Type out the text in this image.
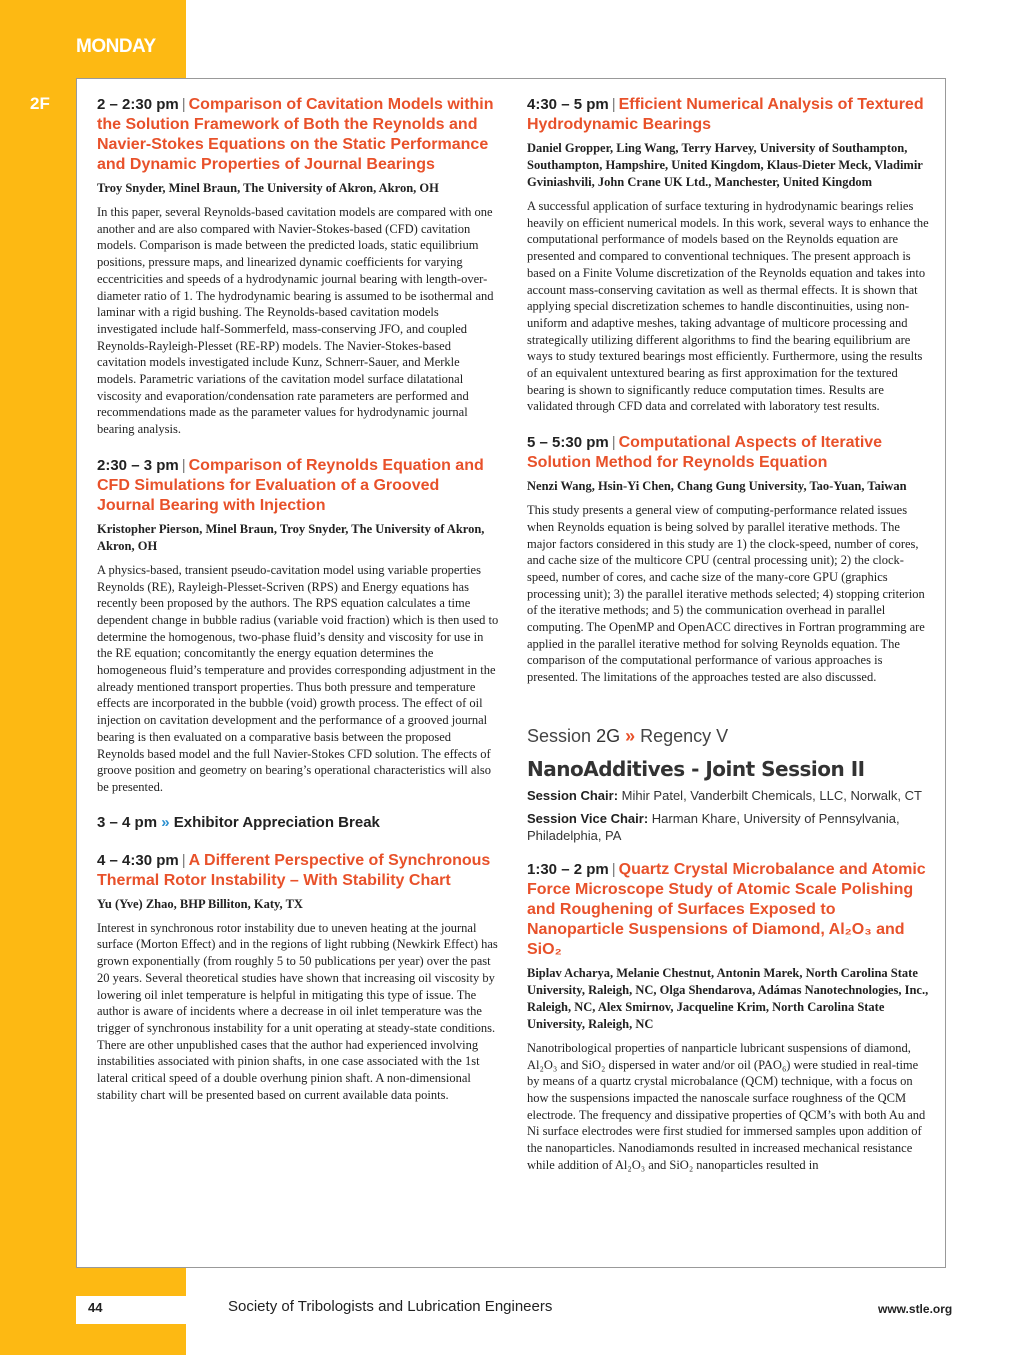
MONDAY
2F	2 – 2:30 pm | Comparison of Cavitation Models within the Solution Framework of Both the Reynolds and Navier-Stokes Equations on the Static Performance and Dynamic Properties of Journal Bearings
Troy Snyder, Minel Braun, The University of Akron, Akron, OH
In this paper, several Reynolds-based cavitation models are compared with one another and are also compared with Navier-Stokes-based (CFD) cavitation models. Comparison is made between the predicted loads, static equilibrium positions, pressure maps, and linearized dynamic coefficients for varying eccentricities and speeds of a hydrodynamic journal bearing with length-over-diameter ratio of 1. The hydrodynamic bearing is assumed to be isothermal and laminar with a rigid bushing. The Reynolds-based cavitation models investigated include half-Sommerfeld, mass-conserving JFO, and coupled Reynolds-Rayleigh-Plesset (RE-RP) models. The Navier-Stokes-based cavitation models investigated include Kunz, Schnerr-Sauer, and Merkle models. Parametric variations of the cavitation model surface dilatational viscosity and evaporation/condensation rate parameters are performed and recommendations made as the parameter values for hydrodynamic journal bearing analysis.
2:30 – 3 pm | Comparison of Reynolds Equation and CFD Simulations for Evaluation of a Grooved Journal Bearing with Injection
Kristopher Pierson, Minel Braun, Troy Snyder, The University of Akron, Akron, OH
A physics-based, transient pseudo-cavitation model using variable properties Reynolds (RE), Rayleigh-Plesset-Scriven (RPS) and Energy equations has recently been proposed by the authors. The RPS equation calculates a time dependent change in bubble radius (variable void fraction) which is then used to determine the homogenous, two-phase fluid’s density and viscosity for use in the RE equation; concomitantly the energy equation determines the homogeneous fluid’s temperature and provides corresponding adjustment in the already mentioned transport properties. Thus both pressure and temperature effects are incorporated in the bubble (void) growth process. The effect of oil injection on cavitation development and the performance of a grooved journal bearing is then evaluated on a comparative basis between the proposed Reynolds based model and the full Navier-Stokes CFD solution. The effects of groove position and geometry on bearing’s operational characteristics will also be presented.
3 – 4 pm » Exhibitor Appreciation Break
4 – 4:30 pm | A Different Perspective of Synchronous Thermal Rotor Instability – With Stability Chart
Yu (Yve) Zhao, BHP Billiton, Katy, TX
Interest in synchronous rotor instability due to uneven heating at the journal surface (Morton Effect) and in the regions of light rubbing (Newkirk Effect) has grown exponentially (from roughly 5 to 50 publications per year) over the past 20 years. Several theoretical studies have shown that increasing oil viscosity by lowering oil inlet temperature is helpful in mitigating this type of issue. The author is aware of incidents where a decrease in oil inlet temperature was the trigger of synchronous instability for a unit operating at steady-state conditions. There are other unpublished cases that the author had experienced involving instabilities associated with pinion shafts, in one case associated with the 1st lateral critical speed of a double overhung pinion shaft. A non-dimensional stability chart will be presented based on current available data points.
4:30 – 5 pm | Efficient Numerical Analysis of Textured Hydrodynamic Bearings
Daniel Gropper, Ling Wang, Terry Harvey, University of Southampton, Southampton, Hampshire, United Kingdom, Klaus-Dieter Meck, Vladimir Gviniashvili, John Crane UK Ltd., Manchester, United Kingdom
A successful application of surface texturing in hydrodynamic bearings relies heavily on efficient numerical models. In this work, several ways to enhance the computational performance of models based on the Reynolds equation are presented and compared to conventional techniques. The present approach is based on a Finite Volume discretization of the Reynolds equation and takes into account mass-conserving cavitation as well as thermal effects. It is shown that applying special discretization schemes to handle discontinuities, using non-uniform and adaptive meshes, taking advantage of multicore processing and strategically utilizing different algorithms to find the bearing equilibrium are ways to study textured bearings most efficiently. Furthermore, using the results of an equivalent untextured bearing as first approximation for the textured bearing is shown to significantly reduce computation times. Results are validated through CFD data and correlated with laboratory test results.
5 – 5:30 pm | Computational Aspects of Iterative Solution Method for Reynolds Equation
Nenzi Wang, Hsin-Yi Chen, Chang Gung University, Tao-Yuan, Taiwan
This study presents a general view of computing-performance related issues when Reynolds equation is being solved by parallel iterative methods. The major factors considered in this study are 1) the clock-speed, number of cores, and cache size of the multicore CPU (central processing unit); 2) the clock-speed, number of cores, and cache size of the many-core GPU (graphics processing unit); 3) the parallel iterative methods selected; 4) stopping criterion of the iterative methods; and 5) the communication overhead in parallel computing. The OpenMP and OpenACC directives in Fortran programming are applied in the parallel iterative method for solving Reynolds equation. The comparison of the computational performance of various approaches is presented. The limitations of the approaches tested are also discussed.
Session 2G » Regency V
NanoAdditives - Joint Session II
Session Chair: Mihir Patel, Vanderbilt Chemicals, LLC, Norwalk, CT
Session Vice Chair: Harman Khare, University of Pennsylvania, Philadelphia, PA
1:30 – 2 pm | Quartz Crystal Microbalance and Atomic Force Microscope Study of Atomic Scale Polishing and Roughening of Surfaces Exposed to Nanoparticle Suspensions of Diamond, Al₂O₃ and SiO₂
Biplav Acharya, Melanie Chestnut, Antonin Marek, North Carolina State University, Raleigh, NC, Olga Shendarova, Adámas Nanotechnologies, Inc., Raleigh, NC, Alex Smirnov, Jacqueline Krim, North Carolina State University, Raleigh, NC
Nanotribological properties of nanparticle lubricant suspensions of diamond, Al₂O₃ and SiO₂ dispersed in water and/or oil (PAO₆) were studied in real-time by means of a quartz crystal microbalance (QCM) technique, with a focus on how the suspensions impacted the nanoscale surface roughness of the QCM electrode. The frequency and dissipative properties of QCM’s with both Au and Ni surface electrodes were first studied for immersed samples upon addition of the nanoparticles. Nanodiamonds resulted in increased mechanical resistance while addition of Al₂O₃ and SiO₂ nanoparticles resulted in
44	Society of Tribologists and Lubrication Engineers	www.stle.org
